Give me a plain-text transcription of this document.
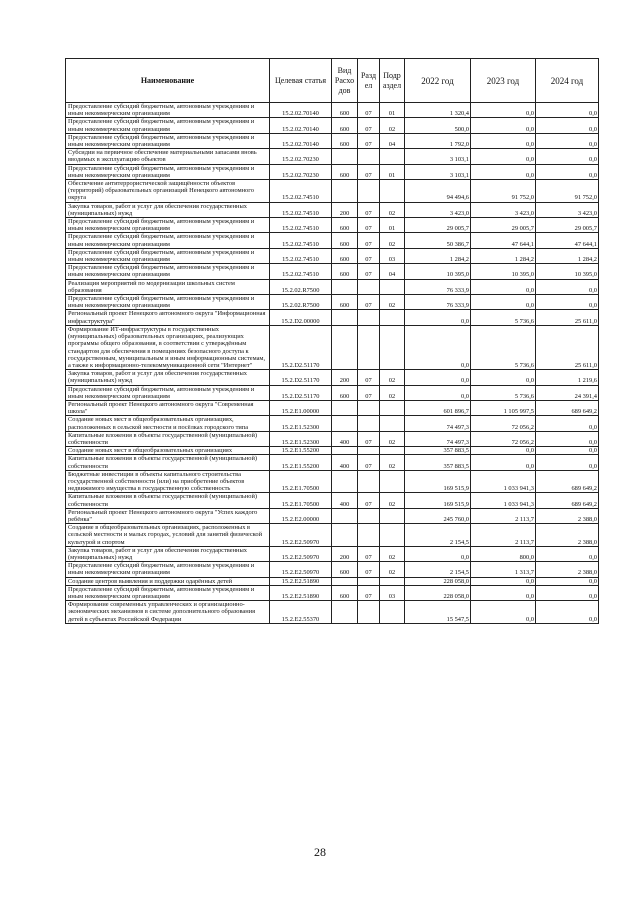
Наименование	Целевая статья	Вид Расхо дов	Разд ел	Подр аздел	2022 год	2023 год	2024 год
Предоставление субсидий бюджетным, автономным учреждениям и иным некоммерческим организациям	15.2.02.70140	600	07	01	1 320,4	0,0	0,0
Предоставление субсидий бюджетным, автономным учреждениям и иным некоммерческим организациям	15.2.02.70140	600	07	02	500,0	0,0	0,0
Предоставление субсидий бюджетным, автономным учреждениям и иным некоммерческим организациям	15.2.02.70140	600	07	04	1 792,0	0,0	0,0
Субсидии на первичное обеспечение материальными запасами вновь вводимых в эксплуатацию объектов	15.2.02.70230				3 103,1	0,0	0,0
Предоставление субсидий бюджетным, автономным учреждениям и иным некоммерческим организациям	15.2.02.70230	600	07	01	3 103,1	0,0	0,0
Обеспечение антитеррористической защищённости объектов (территорий) образовательных организаций Ненецкого автономного округа	15.2.02.74510				94 494,6	91 752,0	91 752,0
Закупка товаров, работ и услуг для обеспечения государственных (муниципальных) нужд	15.2.02.74510	200	07	02	3 423,0	3 423,0	3 423,0
Предоставление субсидий бюджетным, автономным учреждениям и иным некоммерческим организациям	15.2.02.74510	600	07	01	29 005,7	29 005,7	29 005,7
Предоставление субсидий бюджетным, автономным учреждениям и иным некоммерческим организациям	15.2.02.74510	600	07	02	50 386,7	47 644,1	47 644,1
Предоставление субсидий бюджетным, автономным учреждениям и иным некоммерческим организациям	15.2.02.74510	600	07	03	1 284,2	1 284,2	1 284,2
Предоставление субсидий бюджетным, автономным учреждениям и иным некоммерческим организациям	15.2.02.74510	600	07	04	10 395,0	10 395,0	10 395,0
Реализация мероприятий по модернизации школьных систем образования	15.2.02.R7500				76 333,9	0,0	0,0
Предоставление субсидий бюджетным, автономным учреждениям и иным некоммерческим организациям	15.2.02.R7500	600	07	02	76 333,9	0,0	0,0
Региональный проект Ненецкого автономного округа "Информационная инфраструктура"	15.2.D2.00000				0,0	5 736,6	25 611,0
Формирование ИТ-инфраструктуры в государственных (муниципальных) образовательных организациях, реализующих программы общего образования, в соответствии с утверждённым стандартом для обеспечения в помещениях безопасного доступа к государственным, муниципальным и иным информационным системам, а также к информационно-телекоммуникационной сети "Интернет"	15.2.D2.51170				0,0	5 736,6	25 611,0
Закупка товаров, работ и услуг для обеспечения государственных (муниципальных) нужд	15.2.D2.51170	200	07	02	0,0	0,0	1 219,6
Предоставление субсидий бюджетным, автономным учреждениям и иным некоммерческим организациям	15.2.D2.51170	600	07	02	0,0	5 736,6	24 391,4
Региональный проект Ненецкого автономного округа "Современная школа"	15.2.E1.00000				601 896,7	1 105 997,5	689 649,2
Создание новых мест в общеобразовательных организациях, расположенных в сельской местности и посёлках городского типа	15.2.E1.52300				74 497,3	72 056,2	0,0
Капитальные вложения в объекты государственной (муниципальной) собственности	15.2.E1.52300	400	07	02	74 497,3	72 056,2	0,0
Создание новых мест в общеобразовательных организациях	15.2.E1.55200				357 883,5	0,0	0,0
Капитальные вложения в объекты государственной (муниципальной) собственности	15.2.E1.55200	400	07	02	357 883,5	0,0	0,0
Бюджетные инвестиции в объекты капитального строительства государственной собственности (или) на приобретение объектов недвижимого имущества в государственную собственность	15.2.E1.70500				169 515,9	1 033 941,3	689 649,2
Капитальные вложения в объекты государственной (муниципальной) собственности	15.2.E1.70500	400	07	02	169 515,9	1 033 941,3	689 649,2
Региональный проект Ненецкого автономного округа "Успех каждого ребёнка"	15.2.E2.00000				245 760,0	2 113,7	2 388,0
Создание в общеобразовательных организациях, расположенных в сельской местности и малых городах, условий для занятий физической культурой и спортом	15.2.E2.50970				2 154,5	2 113,7	2 388,0
Закупка товаров, работ и услуг для обеспечения государственных (муниципальных) нужд	15.2.E2.50970	200	07	02	0,0	800,0	0,0
Предоставление субсидий бюджетным, автономным учреждениям и иным некоммерческим организациям	15.2.E2.50970	600	07	02	2 154,5	1 313,7	2 388,0
Создание центров выявления и поддержки одарённых детей	15.2.E2.51890				228 058,0	0,0	0,0
Предоставление субсидий бюджетным, автономным учреждениям и иным некоммерческим организациям	15.2.E2.51890	600	07	03	228 058,0	0,0	0,0
Формирование современных управленческих и организационно-экономических механизмов в системе дополнительного образования детей в субъектах Российской Федерации	15.2.E2.55370				15 547,5	0,0	0,0
28
